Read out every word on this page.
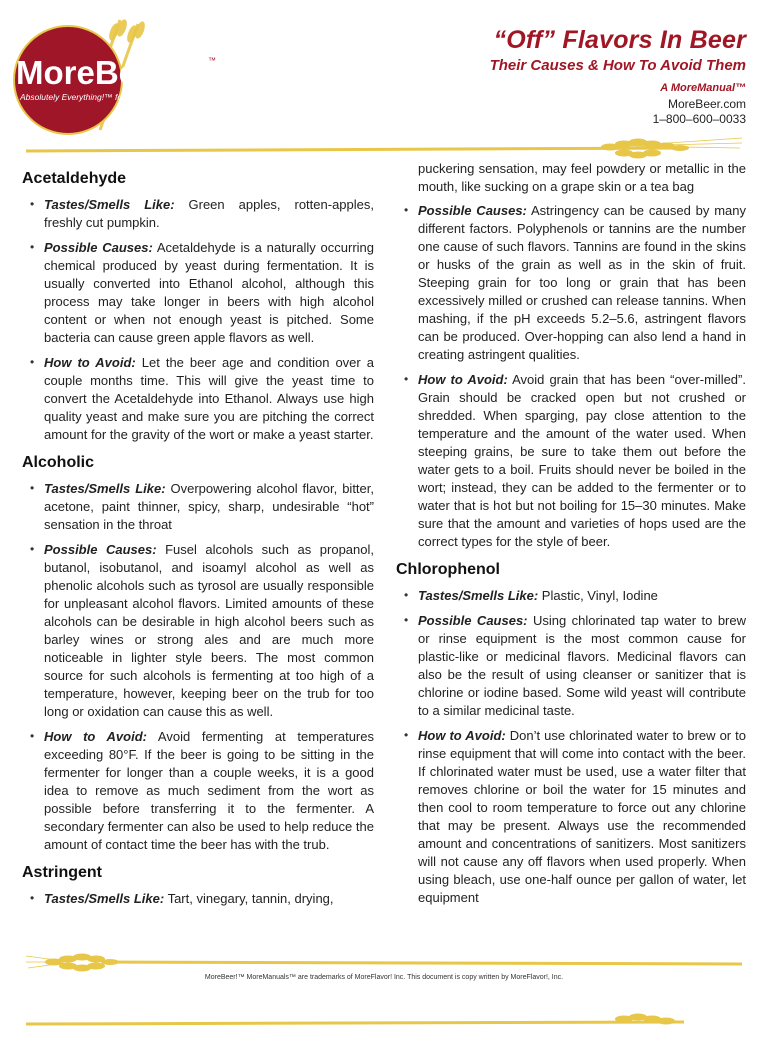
MoreBeer!	™
Absolutely Everything!™ for Beer-Making
“Off” Flavors In Beer
Their Causes & How To Avoid Them
A MoreManual™
MoreBeer.com
1–800–600–0033
Acetaldehyde
• Tastes/Smells Like: Green apples, rotten-apples, freshly cut pumpkin.
• Possible Causes: Acetaldehyde is a naturally occurring chemical produced by yeast during fermentation. It is usually converted into Ethanol alcohol, although this process may take longer in beers with high alcohol content or when not enough yeast is pitched. Some bacteria can cause green apple flavors as well.
• How to Avoid: Let the beer age and condition over a couple months time. This will give the yeast time to convert the Acetaldehyde into Ethanol. Always use high quality yeast and make sure you are pitching the correct amount for the gravity of the wort or make a yeast starter.
Alcoholic
• Tastes/Smells Like: Overpowering alcohol flavor, bitter, acetone, paint thinner, spicy, sharp, undesirable “hot” sensation in the throat
• Possible Causes: Fusel alcohols such as propanol, butanol, isobutanol, and isoamyl alcohol as well as phenolic alcohols such as tyrosol are usually responsible for unpleasant alcohol flavors. Limited amounts of these alcohols can be desirable in high alcohol beers such as barley wines or strong ales and are much more noticeable in lighter style beers. The most common source for such alcohols is fermenting at too high of a temperature, however, keeping beer on the trub for too long or oxidation can cause this as well.
• How to Avoid: Avoid fermenting at temperatures exceeding 80°F. If the beer is going to be sitting in the fermenter for longer than a couple weeks, it is a good idea to remove as much sediment from the wort as possible before transferring it to the fermenter. A secondary fermenter can also be used to help reduce the amount of contact time the beer has with the trub.
Astringent
• Tastes/Smells Like: Tart, vinegary, tannin, drying,
puckering sensation, may feel powdery or metallic in the mouth, like sucking on a grape skin or a tea bag
• Possible Causes: Astringency can be caused by many different factors. Polyphenols or tannins are the number one cause of such flavors. Tannins are found in the skins or husks of the grain as well as in the skin of fruit. Steeping grain for too long or grain that has been excessively milled or crushed can release tannins. When mashing, if the pH exceeds 5.2–5.6, astringent flavors can be produced. Over-hopping can also lend a hand in creating astringent qualities.
• How to Avoid: Avoid grain that has been “over-milled”. Grain should be cracked open but not crushed or shredded. When sparging, pay close attention to the temperature and the amount of the water used. When steeping grains, be sure to take them out before the water gets to a boil. Fruits should never be boiled in the wort; instead, they can be added to the fermenter or to water that is hot but not boiling for 15–30 minutes. Make sure that the amount and varieties of hops used are the correct types for the style of beer.
Chlorophenol
• Tastes/Smells Like: Plastic, Vinyl, Iodine
• Possible Causes: Using chlorinated tap water to brew or rinse equipment is the most common cause for plastic-like or medicinal flavors. Medicinal flavors can also be the result of using cleanser or sanitizer that is chlorine or iodine based. Some wild yeast will contribute to a similar medicinal taste.
• How to Avoid: Don’t use chlorinated water to brew or to rinse equipment that will come into contact with the beer. If chlorinated water must be used, use a water filter that removes chlorine or boil the water for 15 minutes and then cool to room temperature to force out any chlorine that may be present. Always use the recommended amount and concentrations of sanitizers. Most sanitizers will not cause any off flavors when used properly. When using bleach, use one-half ounce per gallon of water, let equipment
MoreBeer!™ MoreManuals™ are trademarks of MoreFlavor! Inc. This document is copy written by MoreFlavor!, Inc.
